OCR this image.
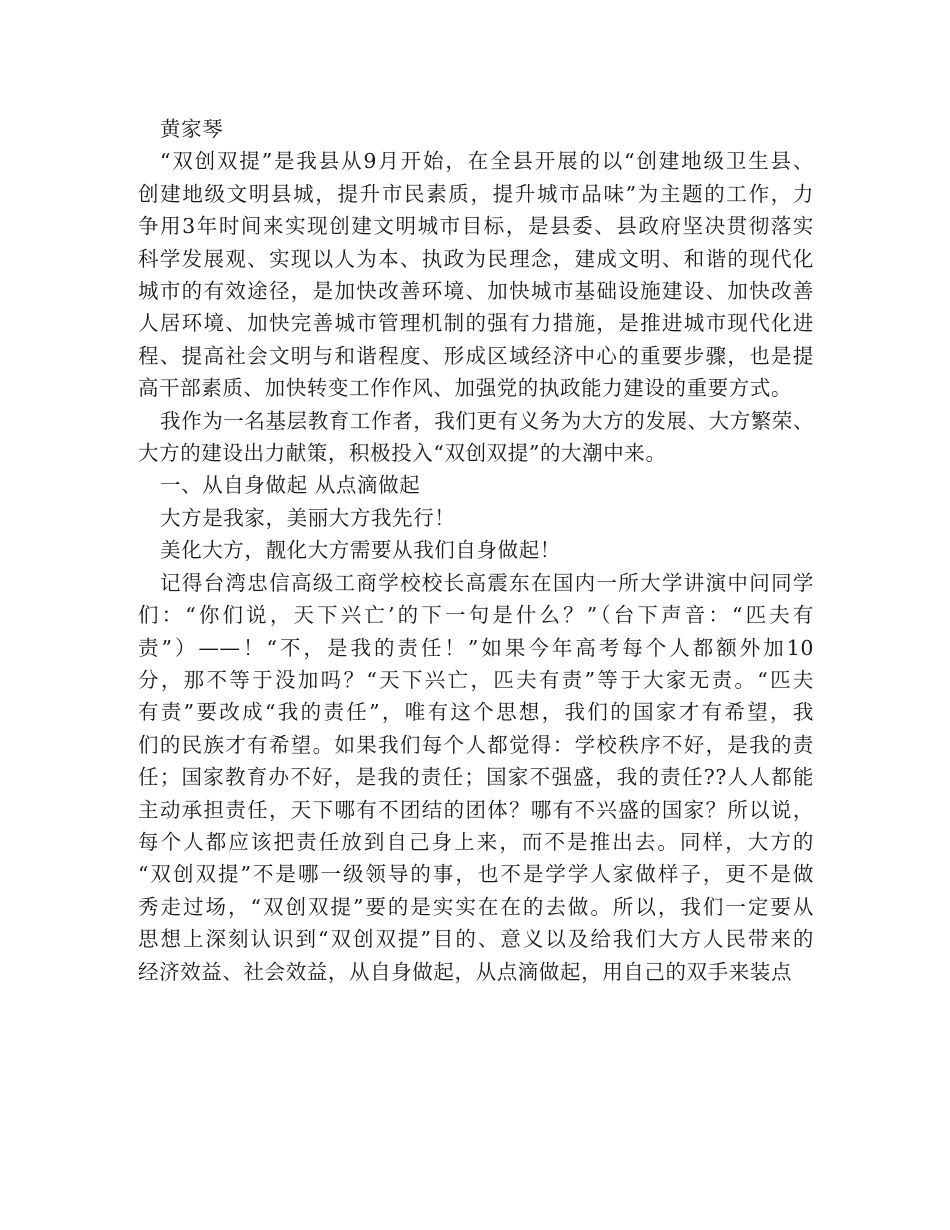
黄家琴
“双创双提”是我县从9月开始，在全县开展的以“创建地级卫生县、
创建地级文明县城，提升市民素质，提升城市品味”为主题的工作，力
争用3年时间来实现创建文明城市目标，是县委、县政府坚决贯彻落实
科学发展观、实现以人为本、执政为民理念，建成文明、和谐的现代化
城市的有效途径，是加快改善环境、加快城市基础设施建设、加快改善
人居环境、加快完善城市管理机制的强有力措施，是推进城市现代化进
程、提高社会文明与和谐程度、形成区域经济中心的重要步骤，也是提
高干部素质、加快转变工作作风、加强党的执政能力建设的重要方式。
我作为一名基层教育工作者，我们更有义务为大方的发展、大方繁荣、
大方的建设出力献策，积极投入“双创双提”的大潮中来。
一、从自身做起 从点滴做起
大方是我家，美丽大方我先行！
美化大方，靓化大方需要从我们自身做起！
记得台湾忠信高级工商学校校长高震东在国内一所大学讲演中问同学
们：“你们说，天下兴亡’的下一句是什么？”（台下声音：“匹夫有
责”）——！“不，是我的责任！”如果今年高考每个人都额外加10
分，那不等于没加吗？“天下兴亡，匹夫有责”等于大家无责。“匹夫
有责”要改成“我的责任”，唯有这个思想，我们的国家才有希望，我
们的民族才有希望。如果我们每个人都觉得：学校秩序不好，是我的责
任；国家教育办不好，是我的责任；国家不强盛，我的责任??人人都能
主动承担责任，天下哪有不团结的团体？哪有不兴盛的国家？所以说，
每个人都应该把责任放到自己身上来，而不是推出去。同样，大方的
“双创双提”不是哪一级领导的事，也不是学学人家做样子，更不是做
秀走过场，“双创双提”要的是实实在在的去做。所以，我们一定要从
思想上深刻认识到“双创双提”目的、意义以及给我们大方人民带来的
经济效益、社会效益，从自身做起，从点滴做起，用自己的双手来装点
